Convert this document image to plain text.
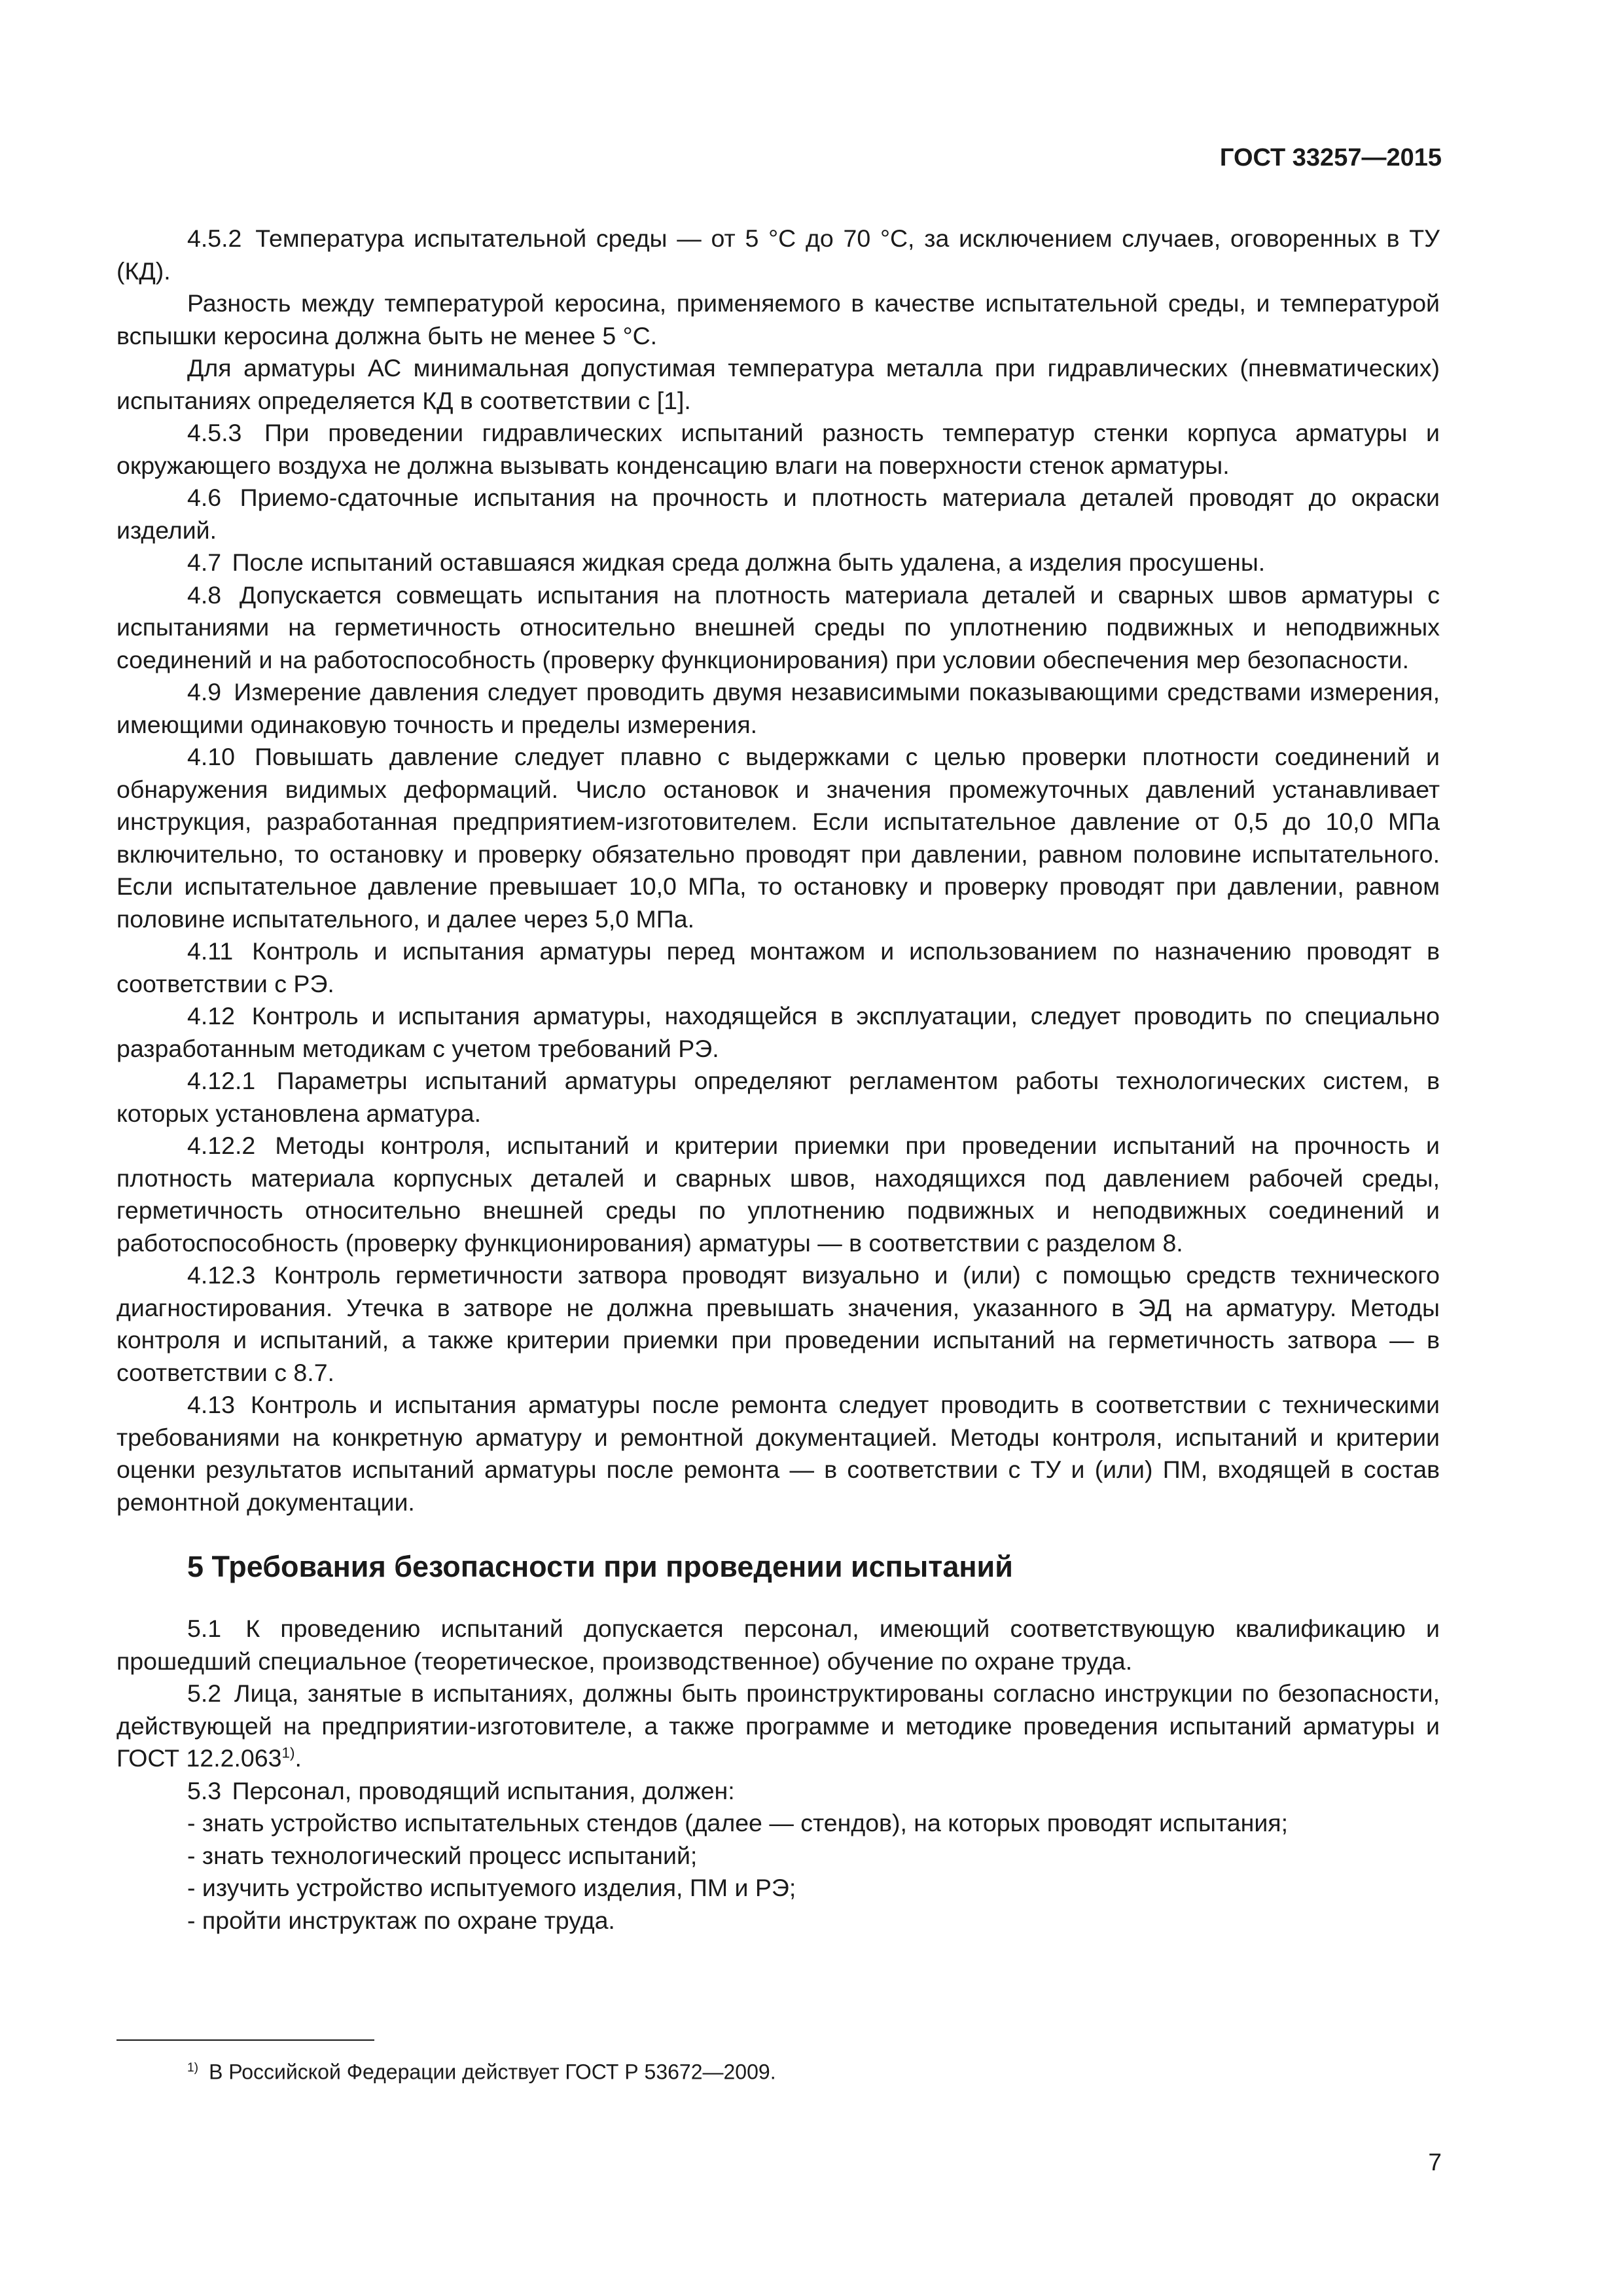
ГОСТ 33257—2015

4.5.2 Температура испытательной среды — от 5 °С до 70 °С, за исключением случаев, оговоренных в ТУ (КД).

Разность между температурой керосина, применяемого в качестве испытательной среды, и температурой вспышки керосина должна быть не менее 5 °С.

Для арматуры АС минимальная допустимая температура металла при гидравлических (пневматических) испытаниях определяется КД в соответствии с [1].

4.5.3 При проведении гидравлических испытаний разность температур стенки корпуса арматуры и окружающего воздуха не должна вызывать конденсацию влаги на поверхности стенок арматуры.

4.6 Приемо-сдаточные испытания на прочность и плотность материала деталей проводят до окраски изделий.

4.7 После испытаний оставшаяся жидкая среда должна быть удалена, а изделия просушены.

4.8 Допускается совмещать испытания на плотность материала деталей и сварных швов арматуры с испытаниями на герметичность относительно внешней среды по уплотнению подвижных и неподвижных соединений и на работоспособность (проверку функционирования) при условии обеспечения мер безопасности.

4.9 Измерение давления следует проводить двумя независимыми показывающими средствами измерения, имеющими одинаковую точность и пределы измерения.

4.10 Повышать давление следует плавно с выдержками с целью проверки плотности соединений и обнаружения видимых деформаций. Число остановок и значения промежуточных давлений устанавливает инструкция, разработанная предприятием-изготовителем. Если испытательное давление от 0,5 до 10,0 МПа включительно, то остановку и проверку обязательно проводят при давлении, равном половине испытательного. Если испытательное давление превышает 10,0 МПа, то остановку и проверку проводят при давлении, равном половине испытательного, и далее через 5,0 МПа.

4.11 Контроль и испытания арматуры перед монтажом и использованием по назначению проводят в соответствии с РЭ.

4.12 Контроль и испытания арматуры, находящейся в эксплуатации, следует проводить по специально разработанным методикам с учетом требований РЭ.

4.12.1 Параметры испытаний арматуры определяют регламентом работы технологических систем, в которых установлена арматура.

4.12.2 Методы контроля, испытаний и критерии приемки при проведении испытаний на прочность и плотность материала корпусных деталей и сварных швов, находящихся под давлением рабочей среды, герметичность относительно внешней среды по уплотнению подвижных и неподвижных соединений и работоспособность (проверку функционирования) арматуры — в соответствии с разделом 8.

4.12.3 Контроль герметичности затвора проводят визуально и (или) с помощью средств технического диагностирования. Утечка в затворе не должна превышать значения, указанного в ЭД на арматуру. Методы контроля и испытаний, а также критерии приемки при проведении испытаний на герметичность затвора — в соответствии с 8.7.

4.13 Контроль и испытания арматуры после ремонта следует проводить в соответствии с техническими требованиями на конкретную арматуру и ремонтной документацией. Методы контроля, испытаний и критерии оценки результатов испытаний арматуры после ремонта — в соответствии с ТУ и (или) ПМ, входящей в состав ремонтной документации.

5 Требования безопасности при проведении испытаний

5.1 К проведению испытаний допускается персонал, имеющий соответствующую квалификацию и прошедший специальное (теоретическое, производственное) обучение по охране труда.

5.2 Лица, занятые в испытаниях, должны быть проинструктированы согласно инструкции по безопасности, действующей на предприятии-изготовителе, а также программе и методике проведения испытаний арматуры и ГОСТ 12.2.063$^{1)}$.

5.3 Персонал, проводящий испытания, должен:

- знать устройство испытательных стендов (далее — стендов), на которых проводят испытания;

- знать технологический процесс испытаний;

- изучить устройство испытуемого изделия, ПМ и РЭ;

- пройти инструктаж по охране труда.

$^{1)}$ В Российской Федерации действует ГОСТ Р 53672—2009.
7
